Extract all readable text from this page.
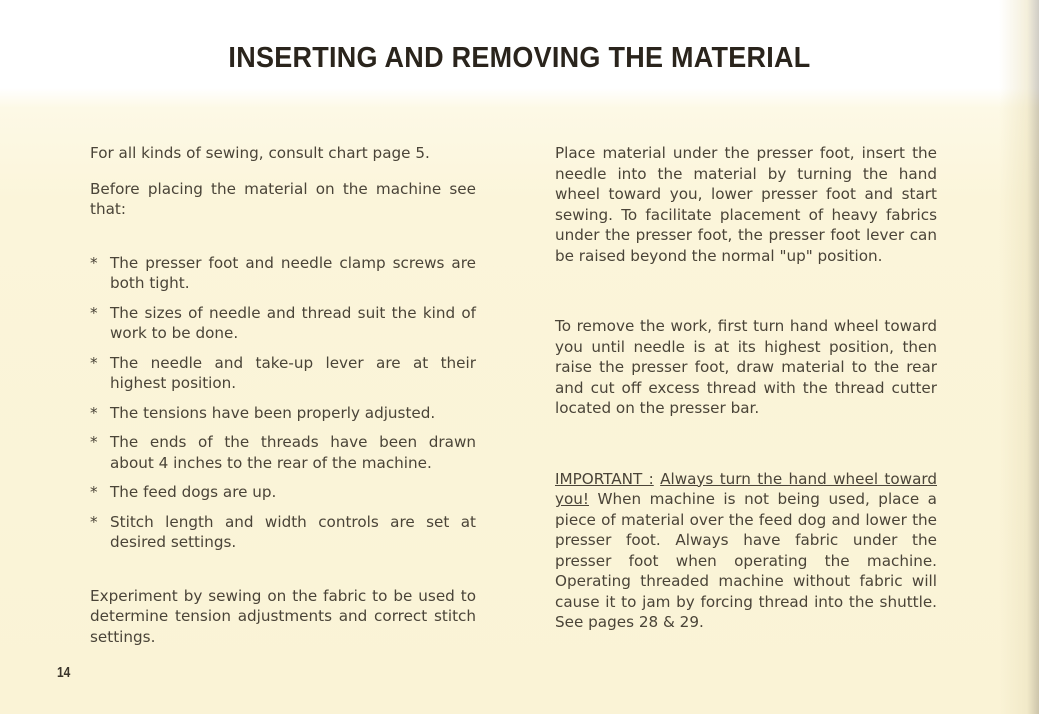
INSERTING AND REMOVING THE MATERIAL

For all kinds of sewing, consult chart page 5.

Before placing the material on the machine see that:

* The presser foot and needle clamp screws are both tight.
* The sizes of needle and thread suit the kind of work to be done.
* The needle and take-up lever are at their highest position.
* The tensions have been properly adjusted.
* The ends of the threads have been drawn about 4 inches to the rear of the machine.
* The feed dogs are up.
* Stitch length and width controls are set at desired settings.

Experiment by sewing on the fabric to be used to determine tension adjustments and correct stitch settings.

Place material under the presser foot, insert the needle into the material by turning the hand wheel toward you, lower presser foot and start sewing. To facilitate placement of heavy fabrics under the presser foot, the presser foot lever can be raised beyond the normal "up" position.

To remove the work, first turn hand wheel toward you until needle is at its highest position, then raise the presser foot, draw material to the rear and cut off excess thread with the thread cutter located on the presser bar.

IMPORTANT : Always turn the hand wheel toward you! When machine is not being used, place a piece of material over the feed dog and lower the presser foot. Always have fabric under the presser foot when operating the machine. Operating threaded machine without fabric will cause it to jam by forcing thread into the shuttle. See pages 28 & 29.

14
